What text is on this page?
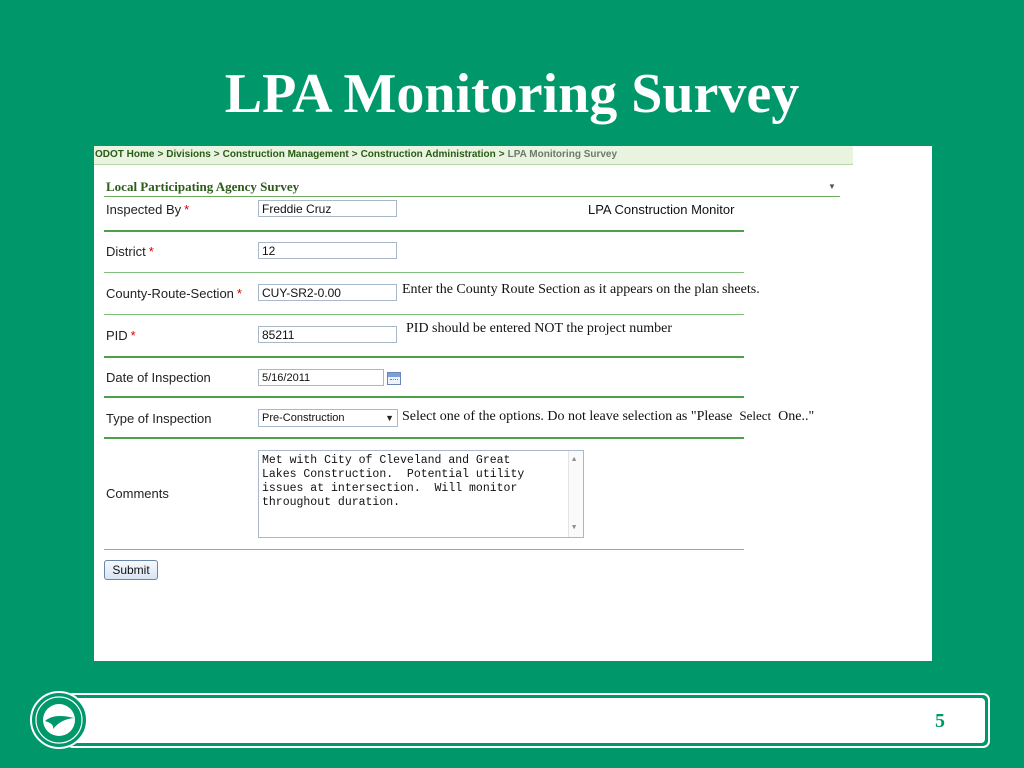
LPA Monitoring Survey
ODOT Home > Divisions > Construction Management > Construction Administration > LPA Monitoring Survey
Local Participating Agency Survey	▼
Inspected By *	Freddie Cruz	LPA Construction Monitor
District *	12
County-Route-Section *	CUY-SR2-0.00	Enter the County Route Section as it appears on the plan sheets.
PID *	85211	PID should be entered NOT the project number
Date of Inspection	5/16/2011
Type of Inspection	Pre-Construction	▼ Select one of the options. Do not leave selection as "Please Select One.."
Comments
Met with City of Cleveland and Great
Lakes Construction.  Potential utility
issues at intersection.  Will monitor
throughout duration.
▲
▼
Submit
5
